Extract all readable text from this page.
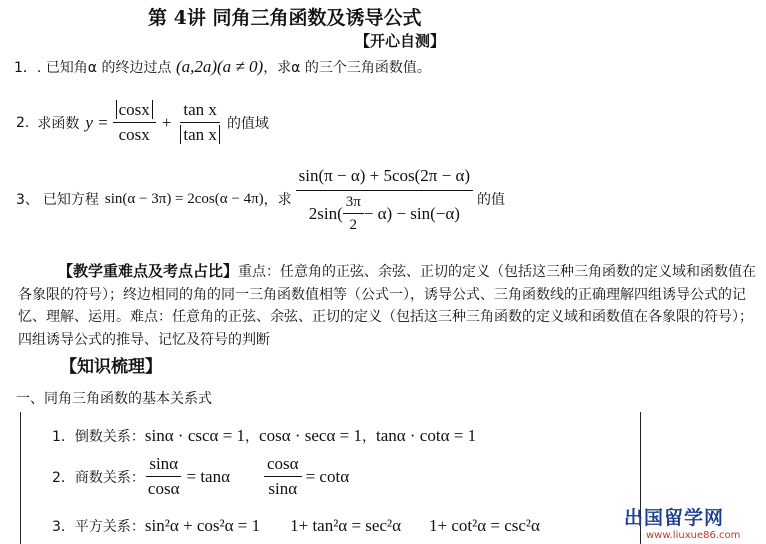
第 4讲 同角三角函数及诱导公式
【开心自测】
1．. 已知角α 的终边过点 (a,2a)(a ≠ 0)，求α 的三个三角函数值。
2. 求函数 $y = \frac{\cos x}{\cos x} + \frac{\text{tan x}}{\text{tan x}}$ 的值域
3、 已知方程 sin(α − 3π) = 2cos(α − 4π) ，求
sin(π − α) + 5cos(2π − α)
$2\sin( \frac{3\pi}{2} - \alpha) - \sin(-\alpha)$
的值
【教学重难点及考点占比】重点：任意角的正弦、余弦、正切的定义（包括这三种三角函数的定义域和函数值在各象限的符号）；终边相同的角的同一三角函数值相等（公式一），诱导公式、三角函数线的正确理解四组诱导公式的记忆、理解、运用。难点：任意角的正弦、余弦、正切的定义（包括这三种三角函数的定义域和函数值在各象限的符号）；四组诱导公式的推导、记忆及符号的判断
【知识梳理】
一、同角三角函数的基本关系式
1．倒数关系： sinα · cscα = 1 ， cosα · secα = 1 ， tanα · cotα = 1
2．商数关系： $\frac{\sin\alpha}{\cos\alpha} = \tan\alpha \frac{\cos\alpha}{\sin\alpha} = \cot\alpha$
3．平方关系： sin²α + cos²α = 1 1+ tan²α = sec²α 1+ cot²α = csc²α	出国留学网
www.liuxue86.com
